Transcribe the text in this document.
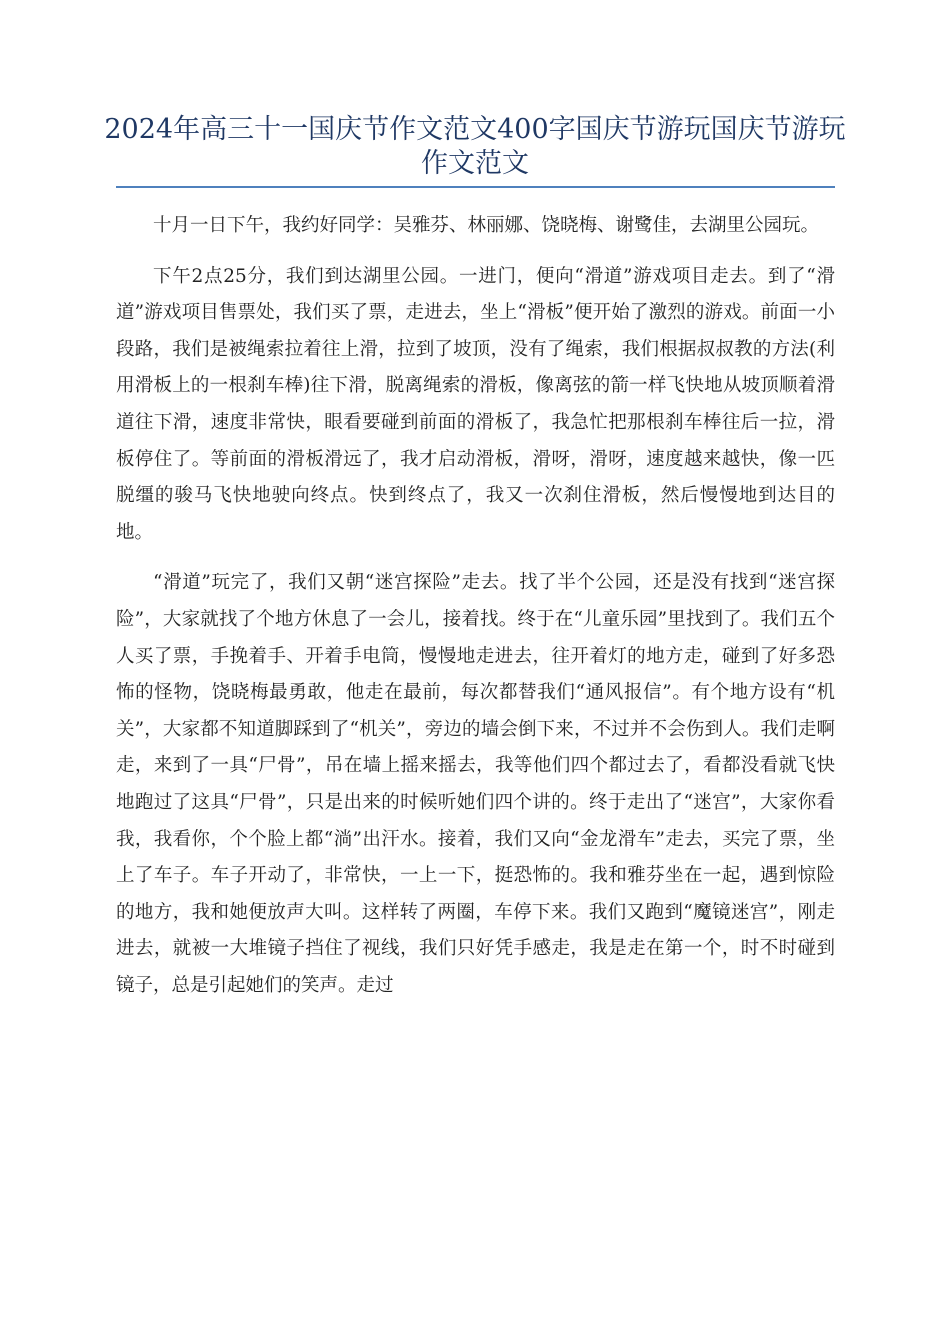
2024年高三十一国庆节作文范文400字国庆节游玩国庆节游玩作文范文

十月一日下午，我约好同学：吴雅芬、林丽娜、饶晓梅、谢鹭佳，去湖里公园玩。

下午2点25分，我们到达湖里公园。一进门，便向“滑道”游戏项目走去。到了“滑道”游戏项目售票处，我们买了票，走进去，坐上“滑板”便开始了激烈的游戏。前面一小段路，我们是被绳索拉着往上滑，拉到了坡顶，没有了绳索，我们根据叔叔教的方法(利用滑板上的一根刹车棒)往下滑，脱离绳索的滑板，像离弦的箭一样飞快地从坡顶顺着滑道往下滑，速度非常快，眼看要碰到前面的滑板了，我急忙把那根刹车棒往后一拉，滑板停住了。等前面的滑板滑远了，我才启动滑板，滑呀，滑呀，速度越来越快，像一匹脱缰的骏马飞快地驶向终点。快到终点了，我又一次刹住滑板，然后慢慢地到达目的地。

“滑道”玩完了，我们又朝“迷宫探险”走去。找了半个公园，还是没有找到“迷宫探险”，大家就找了个地方休息了一会儿，接着找。终于在“儿童乐园”里找到了。我们五个人买了票，手挽着手、开着手电筒，慢慢地走进去，往开着灯的地方走，碰到了好多恐怖的怪物，饶晓梅最勇敢，他走在最前，每次都替我们“通风报信”。有个地方设有“机关”，大家都不知道脚踩到了“机关”，旁边的墙会倒下来，不过并不会伤到人。我们走啊走，来到了一具“尸骨”，吊在墙上摇来摇去，我等他们四个都过去了，看都没看就飞快地跑过了这具“尸骨”，只是出来的时候听她们四个讲的。终于走出了“迷宫”，大家你看我，我看你，个个脸上都“淌”出汗水。接着，我们又向“金龙滑车”走去，买完了票，坐上了车子。车子开动了，非常快，一上一下，挺恐怖的。我和雅芬坐在一起，遇到惊险的地方，我和她便放声大叫。这样转了两圈，车停下来。我们又跑到“魔镜迷宫”，刚走进去，就被一大堆镜子挡住了视线，我们只好凭手感走，我是走在第一个，时不时碰到镜子，总是引起她们的笑声。走过
